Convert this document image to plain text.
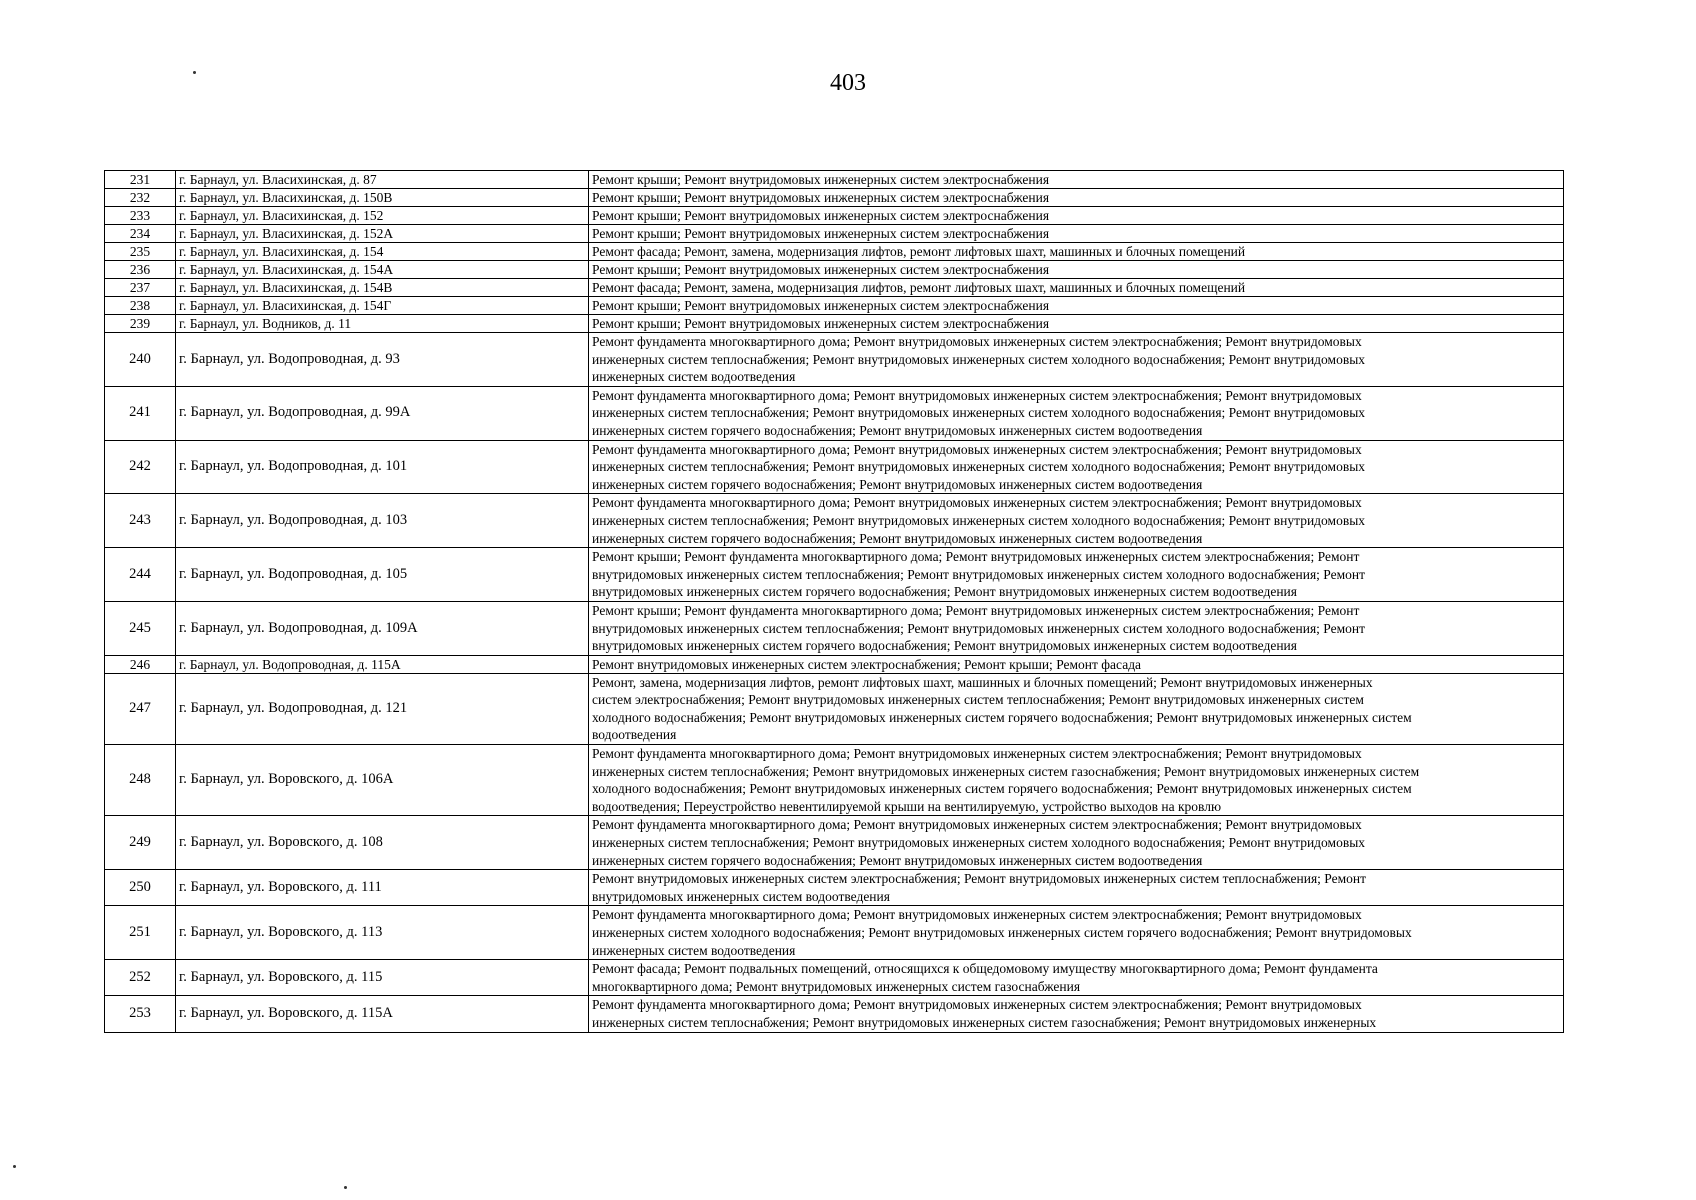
403
231	г. Барнаул, ул. Власихинская, д. 87	Ремонт крыши; Ремонт внутридомовых инженерных систем электроснабжения
232	г. Барнаул, ул. Власихинская, д. 150В	Ремонт крыши; Ремонт внутридомовых инженерных систем электроснабжения
233	г. Барнаул, ул. Власихинская, д. 152	Ремонт крыши; Ремонт внутридомовых инженерных систем электроснабжения
234	г. Барнаул, ул. Власихинская, д. 152А	Ремонт крыши; Ремонт внутридомовых инженерных систем электроснабжения
235	г. Барнаул, ул. Власихинская, д. 154	Ремонт фасада; Ремонт, замена, модернизация лифтов, ремонт лифтовых шахт, машинных и блочных помещений
236	г. Барнаул, ул. Власихинская, д. 154А	Ремонт крыши; Ремонт внутридомовых инженерных систем электроснабжения
237	г. Барнаул, ул. Власихинская, д. 154В	Ремонт фасада; Ремонт, замена, модернизация лифтов, ремонт лифтовых шахт, машинных и блочных помещений
238	г. Барнаул, ул. Власихинская, д. 154Г	Ремонт крыши; Ремонт внутридомовых инженерных систем электроснабжения
239	г. Барнаул, ул. Водников, д. 11	Ремонт крыши; Ремонт внутридомовых инженерных систем электроснабжения
240	г. Барнаул, ул. Водопроводная, д. 93	Ремонт фундамента многоквартирного дома; Ремонт внутридомовых инженерных систем электроснабжения; Ремонт внутридомовых инженерных систем теплоснабжения; Ремонт внутридомовых инженерных систем холодного водоснабжения; Ремонт внутридомовых инженерных систем водоотведения
241	г. Барнаул, ул. Водопроводная, д. 99А	Ремонт фундамента многоквартирного дома; Ремонт внутридомовых инженерных систем электроснабжения; Ремонт внутридомовых инженерных систем теплоснабжения; Ремонт внутридомовых инженерных систем холодного водоснабжения; Ремонт внутридомовых инженерных систем горячего водоснабжения; Ремонт внутридомовых инженерных систем водоотведения
242	г. Барнаул, ул. Водопроводная, д. 101	Ремонт фундамента многоквартирного дома; Ремонт внутридомовых инженерных систем электроснабжения; Ремонт внутридомовых инженерных систем теплоснабжения; Ремонт внутридомовых инженерных систем холодного водоснабжения; Ремонт внутридомовых инженерных систем горячего водоснабжения; Ремонт внутридомовых инженерных систем водоотведения
243	г. Барнаул, ул. Водопроводная, д. 103	Ремонт фундамента многоквартирного дома; Ремонт внутридомовых инженерных систем электроснабжения; Ремонт внутридомовых инженерных систем теплоснабжения; Ремонт внутридомовых инженерных систем холодного водоснабжения; Ремонт внутридомовых инженерных систем горячего водоснабжения; Ремонт внутридомовых инженерных систем водоотведения
244	г. Барнаул, ул. Водопроводная, д. 105	Ремонт крыши; Ремонт фундамента многоквартирного дома; Ремонт внутридомовых инженерных систем электроснабжения; Ремонт внутридомовых инженерных систем теплоснабжения; Ремонт внутридомовых инженерных систем холодного водоснабжения; Ремонт внутридомовых инженерных систем горячего водоснабжения; Ремонт внутридомовых инженерных систем водоотведения
245	г. Барнаул, ул. Водопроводная, д. 109А	Ремонт крыши; Ремонт фундамента многоквартирного дома; Ремонт внутридомовых инженерных систем электроснабжения; Ремонт внутридомовых инженерных систем теплоснабжения; Ремонт внутридомовых инженерных систем холодного водоснабжения; Ремонт внутридомовых инженерных систем горячего водоснабжения; Ремонт внутридомовых инженерных систем водоотведения
246	г. Барнаул, ул. Водопроводная, д. 115А	Ремонт внутридомовых инженерных систем электроснабжения; Ремонт крыши; Ремонт фасада
247	г. Барнаул, ул. Водопроводная, д. 121	Ремонт, замена, модернизация лифтов, ремонт лифтовых шахт, машинных и блочных помещений; Ремонт внутридомовых инженерных систем электроснабжения; Ремонт внутридомовых инженерных систем теплоснабжения; Ремонт внутридомовых инженерных систем холодного водоснабжения; Ремонт внутридомовых инженерных систем горячего водоснабжения; Ремонт внутридомовых инженерных систем водоотведения
248	г. Барнаул, ул. Воровского, д. 106А	Ремонт фундамента многоквартирного дома; Ремонт внутридомовых инженерных систем электроснабжения; Ремонт внутридомовых инженерных систем теплоснабжения; Ремонт внутридомовых инженерных систем газоснабжения; Ремонт внутридомовых инженерных систем холодного водоснабжения; Ремонт внутридомовых инженерных систем горячего водоснабжения; Ремонт внутридомовых инженерных систем водоотведения; Переустройство невентилируемой крыши на вентилируемую, устройство выходов на кровлю
249	г. Барнаул, ул. Воровского, д. 108	Ремонт фундамента многоквартирного дома; Ремонт внутридомовых инженерных систем электроснабжения; Ремонт внутридомовых инженерных систем теплоснабжения; Ремонт внутридомовых инженерных систем холодного водоснабжения; Ремонт внутридомовых инженерных систем горячего водоснабжения; Ремонт внутридомовых инженерных систем водоотведения
250	г. Барнаул, ул. Воровского, д. 111	Ремонт внутридомовых инженерных систем электроснабжения; Ремонт внутридомовых инженерных систем теплоснабжения; Ремонт внутридомовых инженерных систем водоотведения
251	г. Барнаул, ул. Воровского, д. 113	Ремонт фундамента многоквартирного дома; Ремонт внутридомовых инженерных систем электроснабжения; Ремонт внутридомовых инженерных систем холодного водоснабжения; Ремонт внутридомовых инженерных систем горячего водоснабжения; Ремонт внутридомовых инженерных систем водоотведения
252	г. Барнаул, ул. Воровского, д. 115	Ремонт фасада; Ремонт подвальных помещений, относящихся к общедомовому имуществу многоквартирного дома; Ремонт фундамента многоквартирного дома; Ремонт внутридомовых инженерных систем газоснабжения
253	г. Барнаул, ул. Воровского, д. 115А	Ремонт фундамента многоквартирного дома; Ремонт внутридомовых инженерных систем электроснабжения; Ремонт внутридомовых инженерных систем теплоснабжения; Ремонт внутридомовых инженерных систем газоснабжения; Ремонт внутридомовых инженерных
